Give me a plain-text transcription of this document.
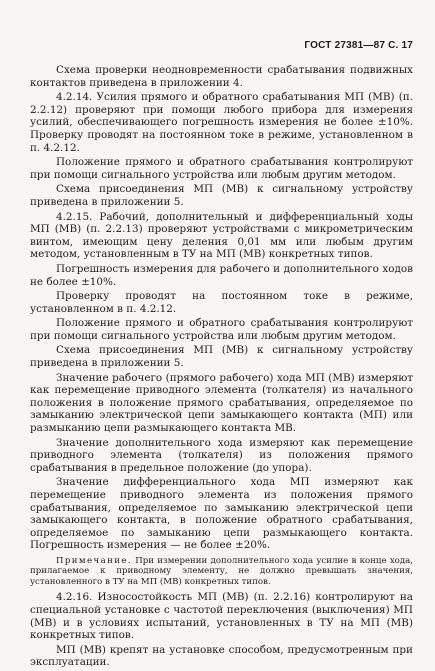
ГОСТ 27381—87 С. 17

Схема проверки неодновременности срабатывания подвижных контактов приведена в приложении 4.

4.2.14. Усилия прямого и обратного срабатывания МП (МВ) (п. 2.2.12) проверяют при помощи любого прибора для измерения усилий, обеспечивающего погрешность измерения не более ±10%. Проверку проводят на постоянном токе в режиме, установленном в п. 4.2.12.

Положение прямого и обратного срабатывания контролируют при помощи сигнального устройства или любым другим методом.

Схема присоединения МП (МВ) к сигнальному устройству приведена в приложении 5.

4.2.15. Рабочий, дополнительный и дифференциальный ходы МП (МВ) (п. 2.2.13) проверяют устройствами с микрометрическим винтом, имеющим цену деления 0,01 мм или любым другим методом, установленным в ТУ на МП (МВ) конкретных типов.

Погрешность измерения для рабочего и дополнительного ходов не более ±10%.

Проверку проводят на постоянном токе в режиме, установленном в п. 4.2.12.

Положение прямого и обратного срабатывания контролируют при помощи сигнального устройства или любым другим методом.

Схема присоединения МП (МВ) к сигнальному устройству приведена в приложении 5.

Значение рабочего (прямого рабочего) хода МП (МВ) измеряют как перемещение приводного элемента (толкателя) из начального положения в положение прямого срабатывания, определяемое по замыканию электрической цепи замыкающего контакта (МП) или размыканию цепи размыкающего контакта МВ.

Значение дополнительного хода измеряют как перемещение приводного элемента (толкателя) из положения прямого срабатывания в предельное положение (до упора).

Значение дифференциального хода МП измеряют как перемещение приводного элемента из положения прямого срабатывания, определяемое по замыканию электрической цепи замыкающего контакта, в положение обратного срабатывания, определяемое по замыканию цепи размыкающего контакта. Погрешность измерения — не более ±20%.

Примечание. При измерении дополнительного хода усилие в конце хода, прилагаемое к приводному элементу, не должно превышать значения, установленного в ТУ на МП (МВ) конкретных типов.

4.2.16. Износостойкость МП (МВ) (п. 2.2.16) контролируют на специальной установке с частотой переключения (выключения) МП (МВ) и в условиях испытаний, установленных в ТУ на МП (МВ) конкретных типов.

МП (МВ) крепят на установке способом, предусмотренным при эксплуатации.
